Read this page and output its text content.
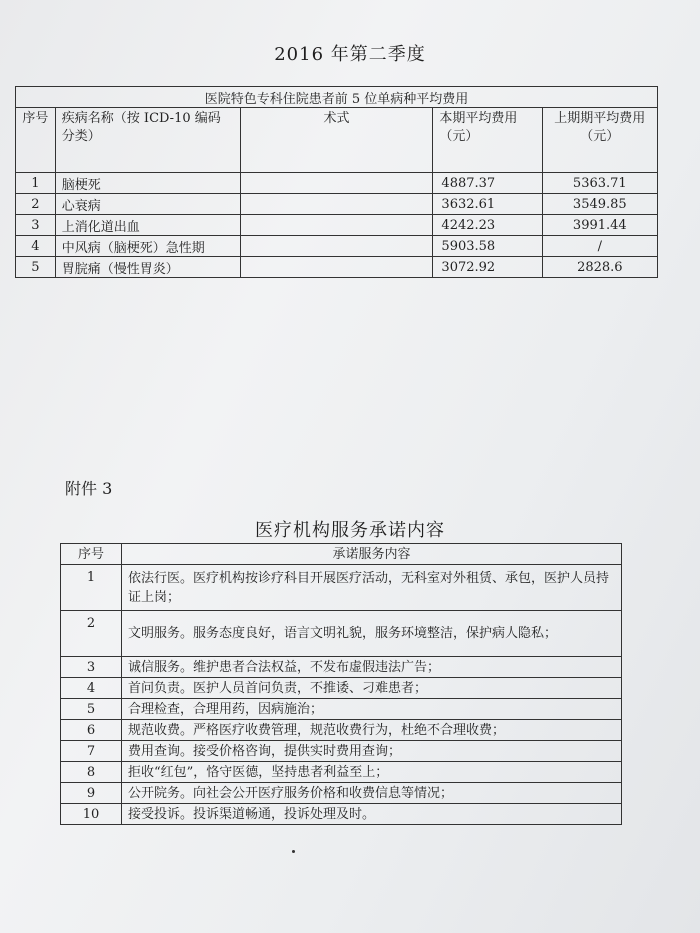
2016 年第二季度
医院特色专科住院患者前 5 位单病种平均费用				
序号	疾病名称（按 ICD-10 编码分类）	术式	本期平均费用（元）	上期期平均费用（元）
1	脑梗死		4887.37	5363.71
2	心衰病		3632.61	3549.85
3	上消化道出血		4242.23	3991.44
4	中风病（脑梗死）急性期		5903.58	/
5	胃脘痛（慢性胃炎）		3072.92	2828.6
附件 3
医疗机构服务承诺内容
序号	承诺服务内容
1	依法行医。医疗机构按诊疗科目开展医疗活动，无科室对外租赁、承包，医护人员持证上岗；
2	文明服务。服务态度良好，语言文明礼貌，服务环境整洁，保护病人隐私；
3	诚信服务。维护患者合法权益，不发布虚假违法广告；
4	首问负责。医护人员首问负责，不推诿、刁难患者；
5	合理检查，合理用药，因病施治；
6	规范收费。严格医疗收费管理，规范收费行为，杜绝不合理收费；
7	费用查询。接受价格咨询，提供实时费用查询；
8	拒收“红包”，恪守医德，坚持患者利益至上；
9	公开院务。向社会公开医疗服务价格和收费信息等情况；
10	接受投诉。投诉渠道畅通，投诉处理及时。
